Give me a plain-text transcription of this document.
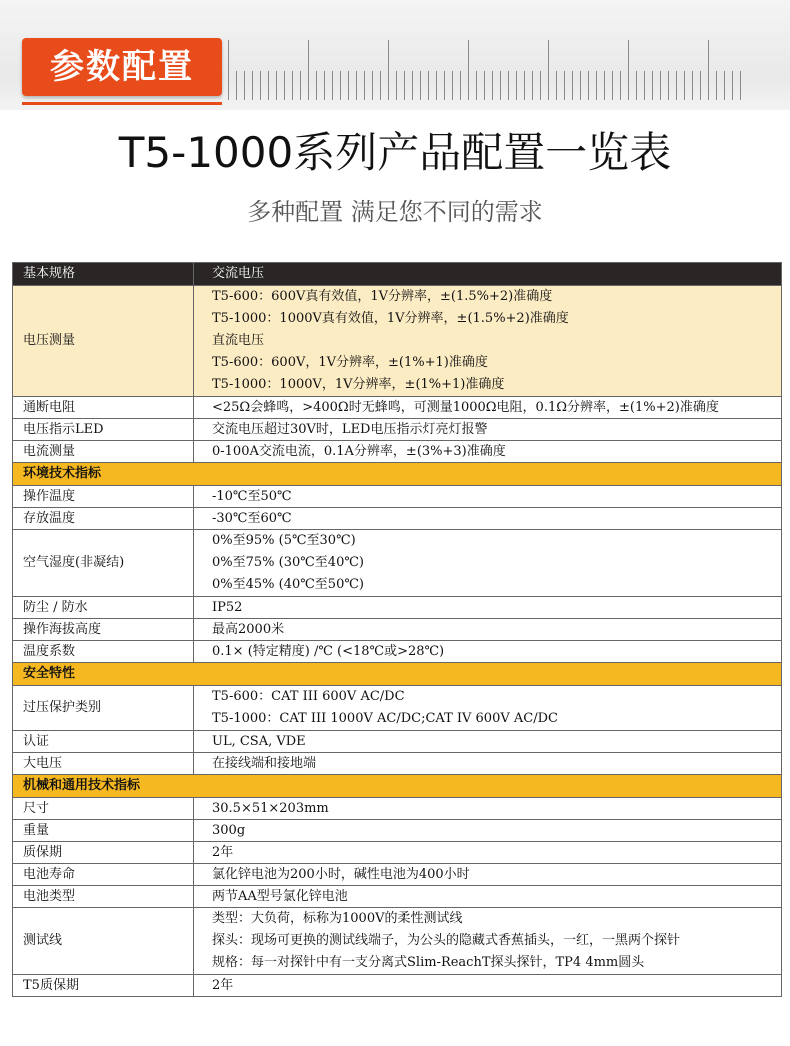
参数配置
T5-1000系列产品配置一览表
多种配置 满足您不同的需求
基本规格	交流电压
电压测量	T5-600：600V真有效值，1V分辨率，±(1.5%+2)准确度
T5-1000：1000V真有效值，1V分辨率，±(1.5%+2)准确度
直流电压
T5-600：600V，1V分辨率，±(1%+1)准确度
T5-1000：1000V，1V分辨率，±(1%+1)准确度

通断电阻	<25Ω会蜂鸣，>400Ω时无蜂鸣，可测量1000Ω电阻，0.1Ω分辨率，±(1%+2)准确度
电压指示LED	交流电压超过30V时，LED电压指示灯亮灯报警
电流测量	0-100A交流电流，0.1A分辨率，±(3%+3)准确度
环境技术指标	
操作温度	-10℃至50℃
存放温度	-30℃至60℃
空气湿度(非凝结)	0%至95% (5℃至30℃)
0%至75% (30℃至40℃)
0%至45% (40℃至50℃)

防尘 / 防水	IP52
操作海拔高度	最高2000米
温度系数	0.1× (特定精度) /℃ (<18℃或>28℃)
安全特性	
过压保护类别	T5-600：CAT III 600V AC/DC
T5-1000：CAT III 1000V AC/DC;CAT IV 600V AC/DC

认证	UL, CSA, VDE
大电压	在接线端和接地端
机械和通用技术指标	
尺寸	30.5×51×203mm
重量	300g
质保期	2年
电池寿命	氯化锌电池为200小时，碱性电池为400小时
电池类型	两节AA型号氯化锌电池
测试线	类型：大负荷，标称为1000V的柔性测试线
探头：现场可更换的测试线端子，为公头的隐藏式香蕉插头，一红，一黑两个探针
规格：每一对探针中有一支分离式Slim-ReachT探头探针，TP4 4mm圆头

T5质保期	2年
